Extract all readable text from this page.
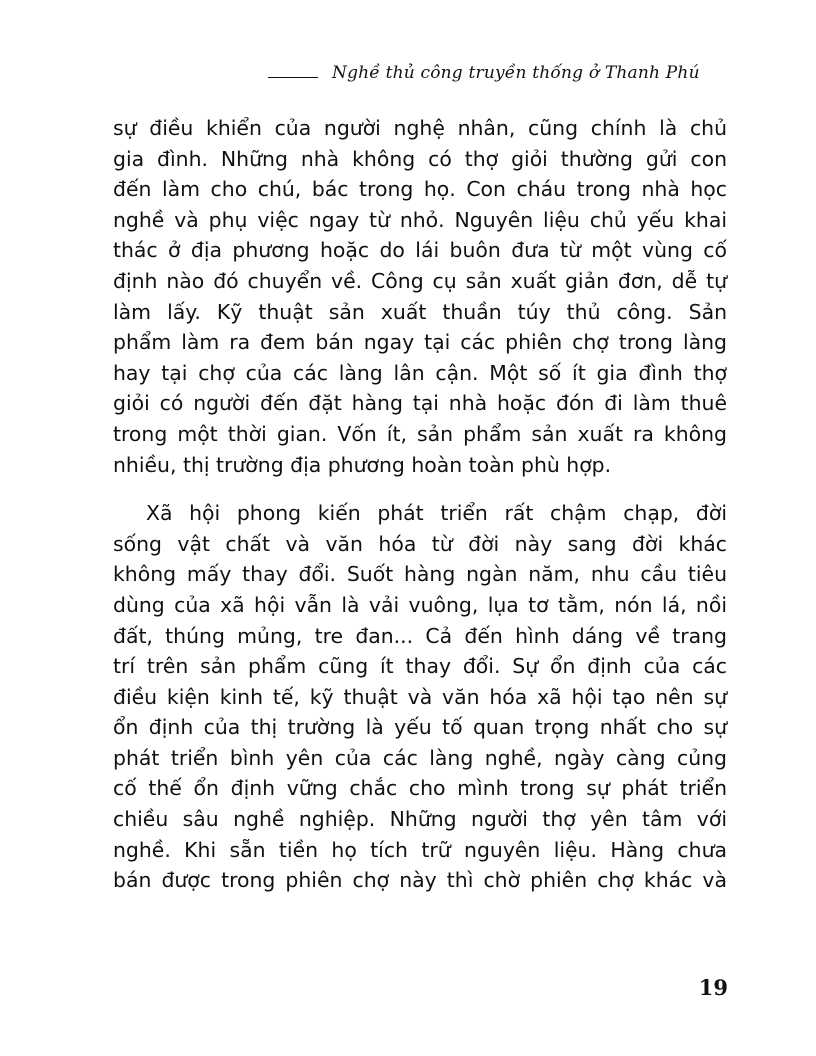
Nghề thủ công truyền thống ở Thanh Phú

sự điều khiển của người nghệ nhân, cũng chính là chủ
gia đình. Những nhà không có thợ giỏi thường gửi con
đến làm cho chú, bác trong họ. Con cháu trong nhà học
nghề và phụ việc ngay từ nhỏ. Nguyên liệu chủ yếu khai
thác ở địa phương hoặc do lái buôn đưa từ một vùng cố
định nào đó chuyển về. Công cụ sản xuất giản đơn, dễ tự
làm lấy. Kỹ thuật sản xuất thuần túy thủ công. Sản
phẩm làm ra đem bán ngay tại các phiên chợ trong làng
hay tại chợ của các làng lân cận. Một số ít gia đình thợ
giỏi có người đến đặt hàng tại nhà hoặc đón đi làm thuê
trong một thời gian. Vốn ít, sản phẩm sản xuất ra không
nhiều, thị trường địa phương hoàn toàn phù hợp.

Xã hội phong kiến phát triển rất chậm chạp, đời
sống vật chất và văn hóa từ đời này sang đời khác
không mấy thay đổi. Suốt hàng ngàn năm, nhu cầu tiêu
dùng của xã hội vẫn là vải vuông, lụa tơ tằm, nón lá, nồi
đất, thúng mủng, tre đan... Cả đến hình dáng về trang
trí trên sản phẩm cũng ít thay đổi. Sự ổn định của các
điều kiện kinh tế, kỹ thuật và văn hóa xã hội tạo nên sự
ổn định của thị trường là yếu tố quan trọng nhất cho sự
phát triển bình yên của các làng nghề, ngày càng củng
cố thế ổn định vững chắc cho mình trong sự phát triển
chiều sâu nghề nghiệp. Những người thợ yên tâm với
nghề. Khi sẵn tiền họ tích trữ nguyên liệu. Hàng chưa
bán được trong phiên chợ này thì chờ phiên chợ khác và

19
